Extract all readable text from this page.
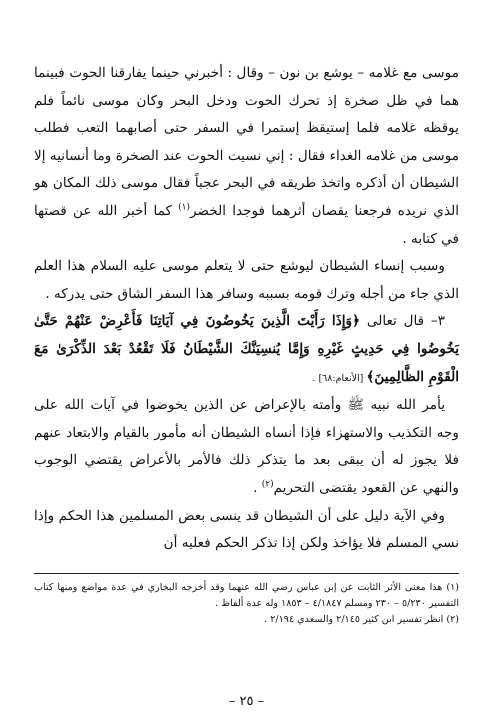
موسى مع غلامه – يوشع بن نون – وقال : أخبرني حينما يفارقنا الحوت فبينما هما في ظل صخرة إذ تحرك الحوت ودخل البحر وكان موسى نائماً فلم يوقظه غلامه فلما إستيقظ إستمرا في السفر حتى أصابهما التعب فطلب موسى من غلامه الغداء فقال : إني نسيت الحوت عند الصخرة وما أنسانيه إلا الشيطان أن أذكره واتخذ طريقه في البحر عجباً فقال موسى ذلك المكان هو الذي نريده فرجعنا يقصان أثرهما فوجدا الخضر$^{(١)}$ كما أخبر الله عن قصتها في كتابه .

وسبب إنساء الشيطان ليوشع حتى لا يتعلم موسى عليه السلام هذا العلم الذي جاء من أجله وترك قومه بسببه وسافر هذا السفر الشاق حتى يدركه .

٣– قال تعالى ﴿وَإِذَا رَأَيْتَ الَّذِينَ يَخُوضُونَ فِي آيَاتِنَا فَأَعْرِضْ عَنْهُمْ حَتَّىٰ يَخُوضُوا فِي حَدِيثٍ غَيْرِهِ وَإِمَّا يُنسِيَنَّكَ الشَّيْطَانُ فَلَا تَقْعُدْ بَعْدَ الذِّكْرَىٰ مَعَ الْقَوْمِ الظَّالِمِينَ﴾ [الأنعام:٦٨] .

يأمر الله نبيه ﷺ وأمته بالإعراض عن الذين يخوضوا في آيات الله على وجه التكذيب والاستهزاء فإذا أنساه الشيطان أنه مأمور بالقيام والابتعاد عنهم فلا يجوز له أن يبقى بعد ما يتذكر ذلك فالأمر بالأعراض يقتضي الوجوب والنهي عن القعود يقتضى التحريم$^{(٢)}$ .

وفي الآية دليل على أن الشيطان قد ينسى بعض المسلمين هذا الحكم وإذا نسي المسلم فلا يؤاخذ ولكن إذا تذكر الحكم فعليه أن

(١) هذا معنى الأثر الثابت عن إبن عباس رضي الله عنهما وقد أخرجه البخاري في عدة مواضع ومنها كتاب التفسير ٥/٢٣٠ – ٢٣٠ ومسلم ٤/١٨٤٧ – ١٨٥٣ وله عدة ألفاظ .

(٢) انظر تفسير ابن كثير ٢/١٤٥ والسعدي ٢/١٩٤ .

– ٢٥ –
